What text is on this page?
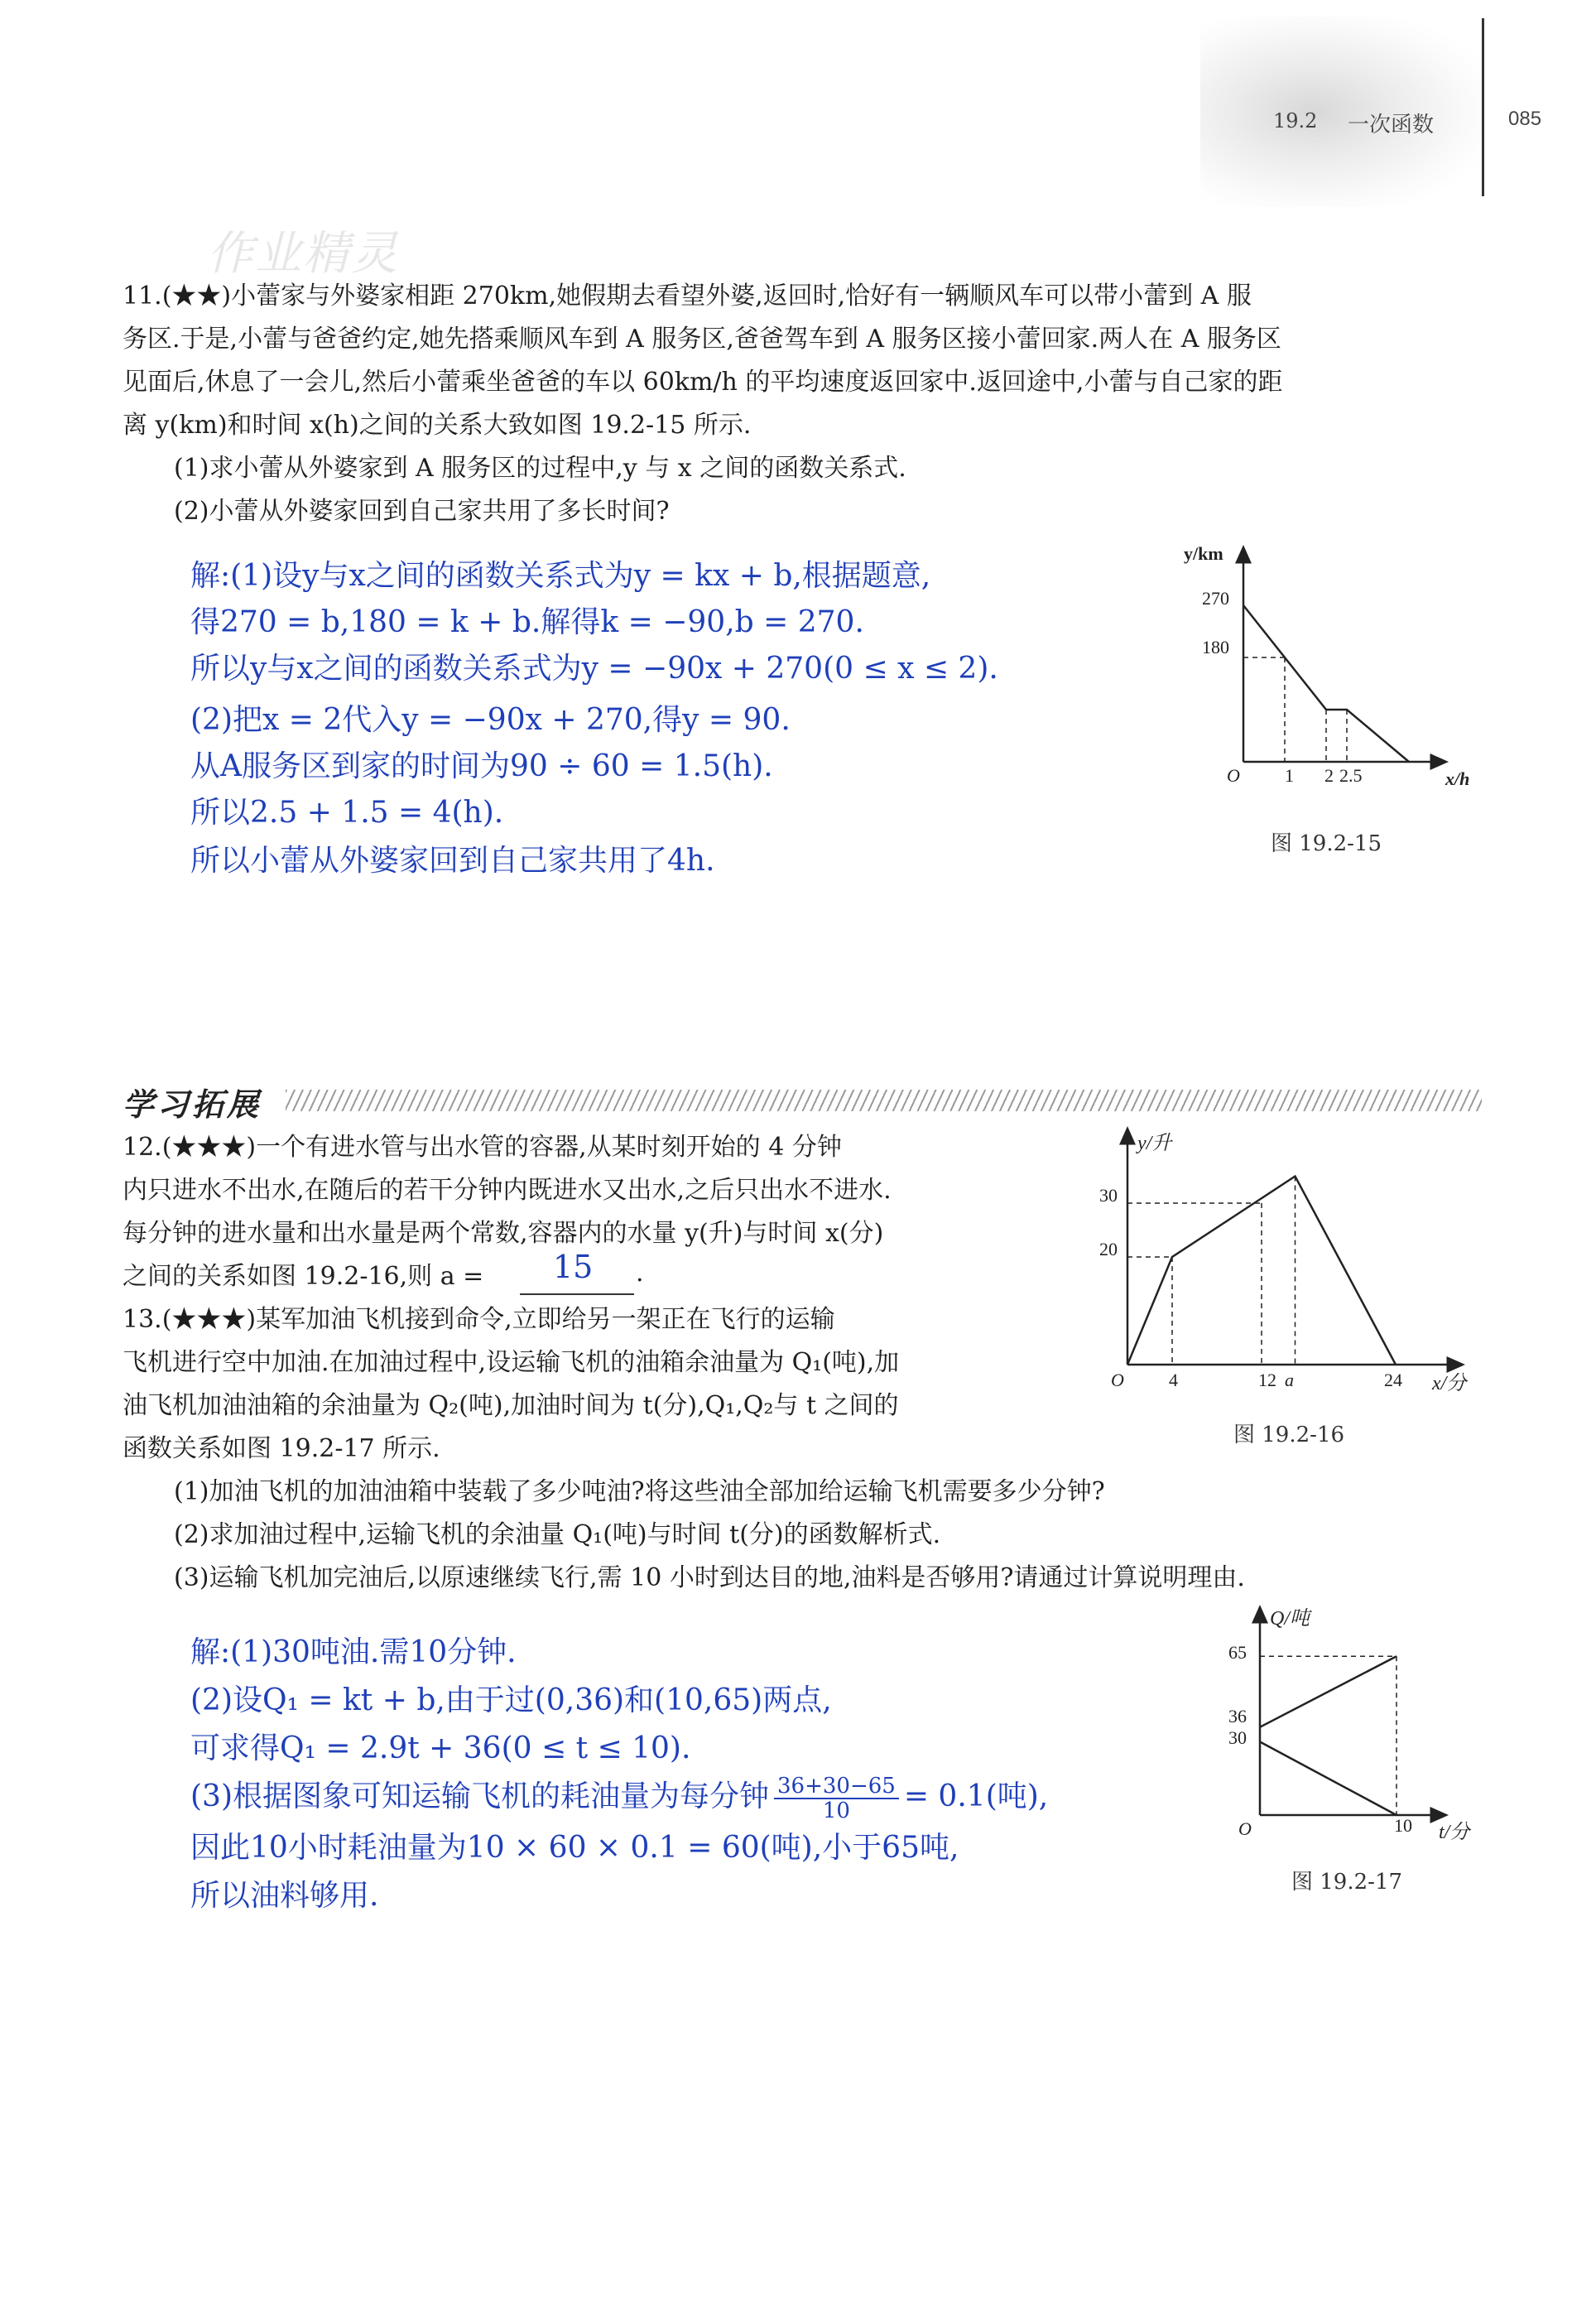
19.2 一次函数	085
作业精灵
11.(★★)小蕾家与外婆家相距 270km,她假期去看望外婆,返回时,恰好有一辆顺风车可以带小蕾到 A 服
务区.于是,小蕾与爸爸约定,她先搭乘顺风车到 A 服务区,爸爸驾车到 A 服务区接小蕾回家.两人在 A 服务区
见面后,休息了一会儿,然后小蕾乘坐爸爸的车以 60km/h 的平均速度返回家中.返回途中,小蕾与自己家的距
离 y(km)和时间 x(h)之间的关系大致如图 19.2-15 所示.
(1)求小蕾从外婆家到 A 服务区的过程中,y 与 x 之间的函数关系式.
(2)小蕾从外婆家回到自己家共用了多长时间?
解:(1)设y与x之间的函数关系式为y = kx + b,根据题意,
得270 = b,180 = k + b.解得k = −90,b = 270.
所以y与x之间的函数关系式为y = −90x + 270(0 ≤ x ≤ 2).
(2)把x = 2代入y = −90x + 270,得y = 90.
从A服务区到家的时间为90 ÷ 60 = 1.5(h).
所以2.5 + 1.5 = 4(h).
所以小蕾从外婆家回到自己家共用了4h.
y/km
x/h
O
270
180
1 2 2.5
图 19.2-15
学习拓展
12.(★★★)一个有进水管与出水管的容器,从某时刻开始的 4 分钟
内只进水不出水,在随后的若干分钟内既进水又出水,之后只出水不进水.
每分钟的进水量和出水量是两个常数,容器内的水量 y(升)与时间 x(分)
之间的关系如图 19.2-16,则 a =	15 .
y/升
x/分
O
30
20
4	12 a	24
图 19.2-16
13.(★★★)某军加油飞机接到命令,立即给另一架正在飞行的运输
飞机进行空中加油.在加油过程中,设运输飞机的油箱余油量为 Q₁(吨),加
油飞机加油油箱的余油量为 Q₂(吨),加油时间为 t(分),Q₁,Q₂与 t 之间的
函数关系如图 19.2-17 所示.
(1)加油飞机的加油油箱中装载了多少吨油?将这些油全部加给运输飞机需要多少分钟?
(2)求加油过程中,运输飞机的余油量 Q₁(吨)与时间 t(分)的函数解析式.
(3)运输飞机加完油后,以原速继续飞行,需 10 小时到达目的地,油料是否够用?请通过计算说明理由.
解:(1)30吨油.需10分钟.
(2)设Q₁ = kt + b,由于过(0,36)和(10,65)两点,
可求得Q₁ = 2.9t + 36(0 ≤ t ≤ 10).
(3)根据图象可知运输飞机的耗油量为每分钟 $\frac{36+30-65}{10} = 0.1$(吨),
因此10小时耗油量为10 × 60 × 0.1 = 60(吨),小于65吨,
所以油料够用.
Q/吨
t/分
O	10
65
36
30
图 19.2-17
